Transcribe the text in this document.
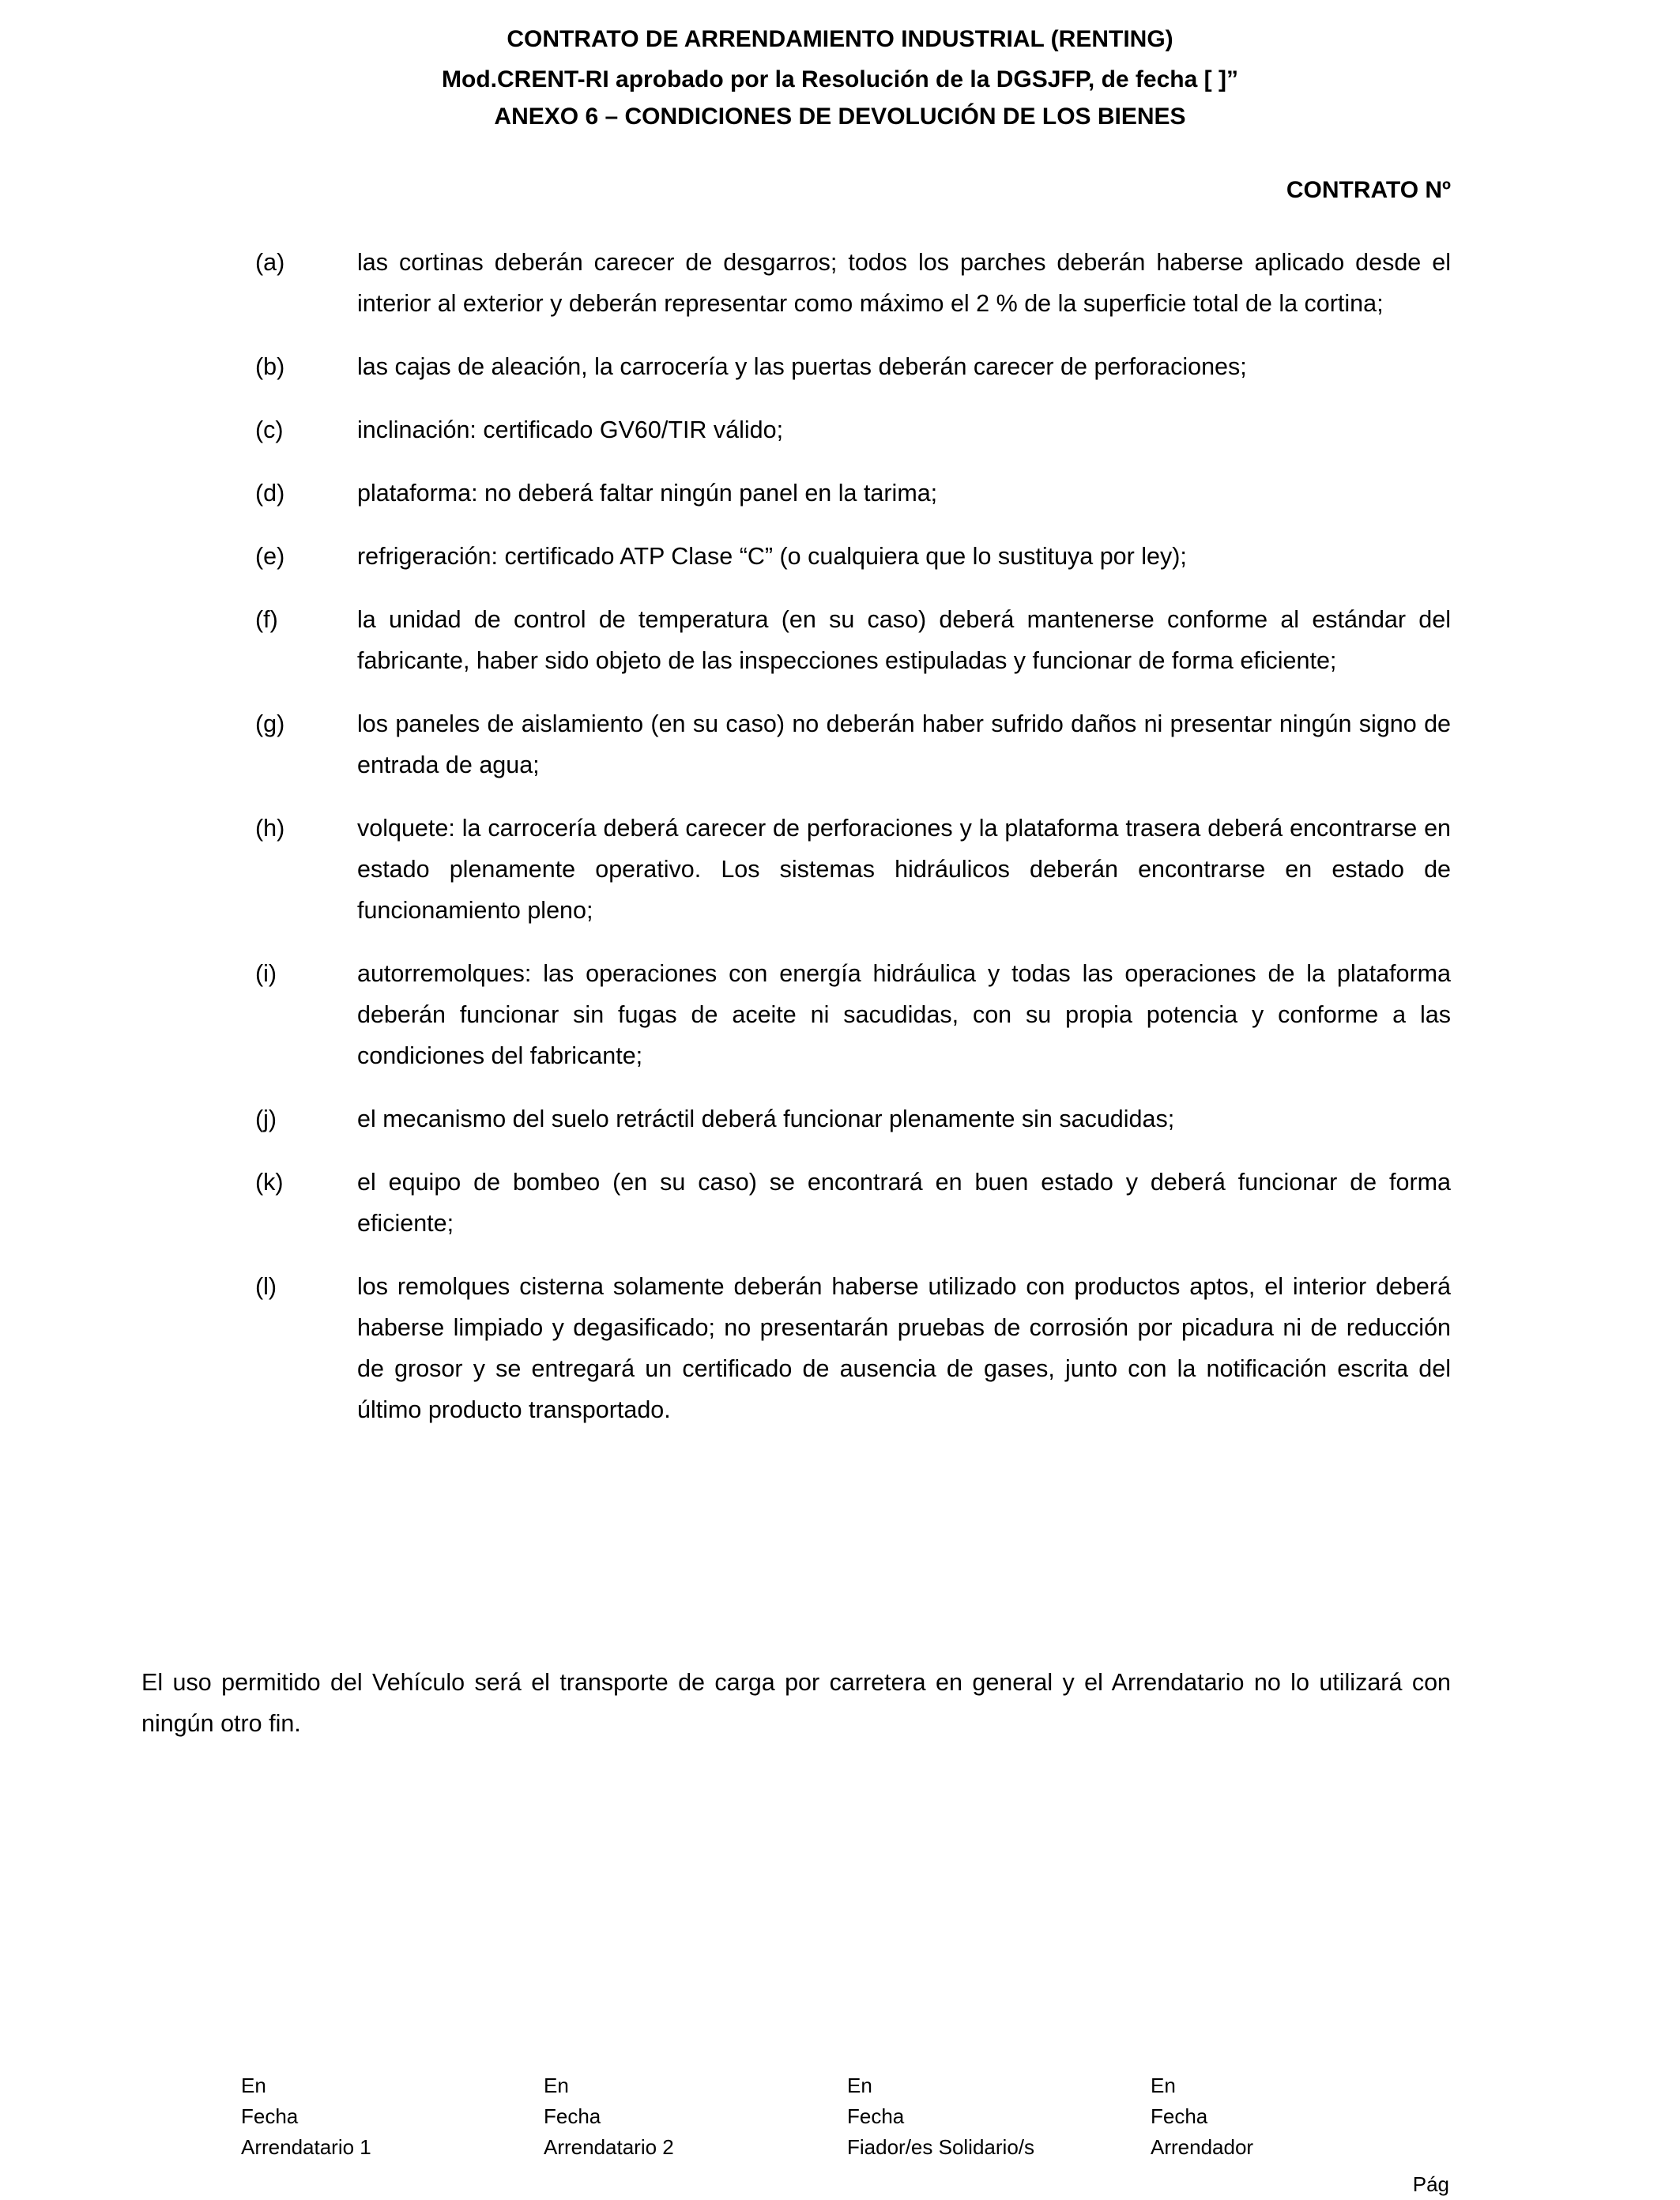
CONTRATO DE ARRENDAMIENTO INDUSTRIAL (RENTING)
Mod.CRENT-RI aprobado por la Resolución de la DGSJFP, de fecha [ ]”
ANEXO 6 – CONDICIONES DE DEVOLUCIÓN DE LOS BIENES
CONTRATO Nº
(a)	las cortinas deberán carecer de desgarros; todos los parches deberán haberse aplicado desde el interior al exterior y deberán representar como máximo el 2 % de la superficie total de la cortina;
(b)	las cajas de aleación, la carrocería y las puertas deberán carecer de perforaciones;
(c)	inclinación: certificado GV60/TIR válido;
(d)	plataforma: no deberá faltar ningún panel en la tarima;
(e)	refrigeración: certificado ATP Clase “C” (o cualquiera que lo sustituya por ley);
(f)	la unidad de control de temperatura (en su caso) deberá mantenerse conforme al estándar del fabricante, haber sido objeto de las inspecciones estipuladas y funcionar de forma eficiente;
(g)	los paneles de aislamiento (en su caso) no deberán haber sufrido daños ni presentar ningún signo de entrada de agua;
(h)	volquete: la carrocería deberá carecer de perforaciones y la plataforma trasera deberá encontrarse en estado plenamente operativo. Los sistemas hidráulicos deberán encontrarse en estado de funcionamiento pleno;
(i)	autorremolques: las operaciones con energía hidráulica y todas las operaciones de la plataforma deberán funcionar sin fugas de aceite ni sacudidas, con su propia potencia y conforme a las condiciones del fabricante;
(j)	el mecanismo del suelo retráctil deberá funcionar plenamente sin sacudidas;
(k)	el equipo de bombeo (en su caso) se encontrará en buen estado y deberá funcionar de forma eficiente;
(l)	los remolques cisterna solamente deberán haberse utilizado con productos aptos, el interior deberá haberse limpiado y degasificado; no presentarán pruebas de corrosión por picadura ni de reducción de grosor y se entregará un certificado de ausencia de gases, junto con la notificación escrita del último producto transportado.
El uso permitido del Vehículo será el transporte de carga por carretera en general y el Arrendatario no lo utilizará con ningún otro fin.
En
Fecha
Arrendatario 1
En
Fecha
Arrendatario 2
En
Fecha
Fiador/es Solidario/s
En
Fecha
Arrendador
Pág
